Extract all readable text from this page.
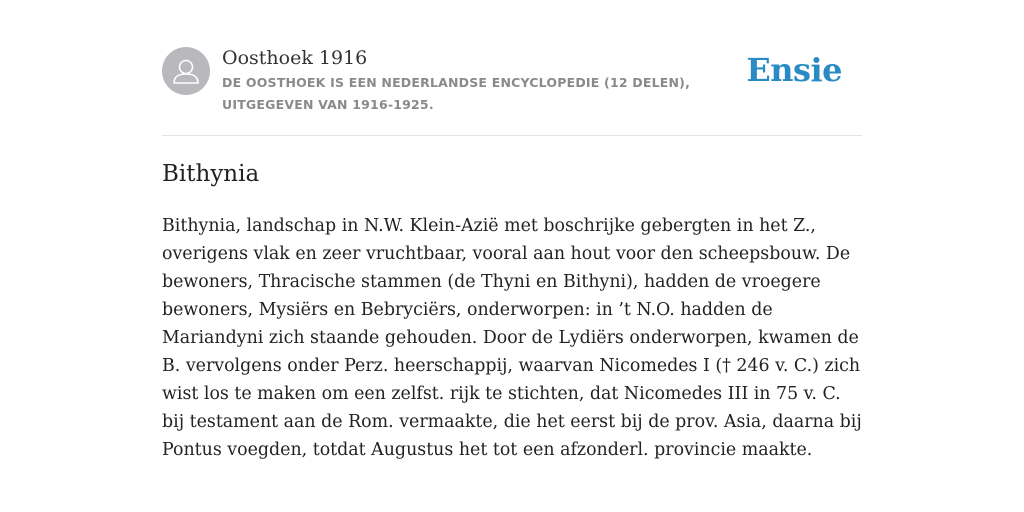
Oosthoek 1916
DE OOSTHOEK IS EEN NEDERLANDSE ENCYCLOPEDIE (12 DELEN), UITGEGEVEN VAN 1916-1925.
Ensie
Bithynia

Bithynia, landschap in N.W. Klein-Azië met boschrijke gebergten in het Z., overigens vlak en zeer vruchtbaar, vooral aan hout voor den scheepsbouw. De bewoners, Thracische stammen (de Thyni en Bithyni), hadden de vroegere bewoners, Mysiërs en Bebryciërs, onderworpen: in ’t N.O. hadden de Mariandyni zich staande gehouden. Door de Lydiërs onderworpen, kwamen de B. vervolgens onder Perz. heerschappij, waarvan Nicomedes I († 246 v. C.) zich wist los te maken om een zelfst. rijk te stichten, dat Nicomedes III in 75 v. C. bij testament aan de Rom. vermaakte, die het eerst bij de prov. Asia, daarna bij Pontus voegden, totdat Augustus het tot een afzonderl. provincie maakte.
